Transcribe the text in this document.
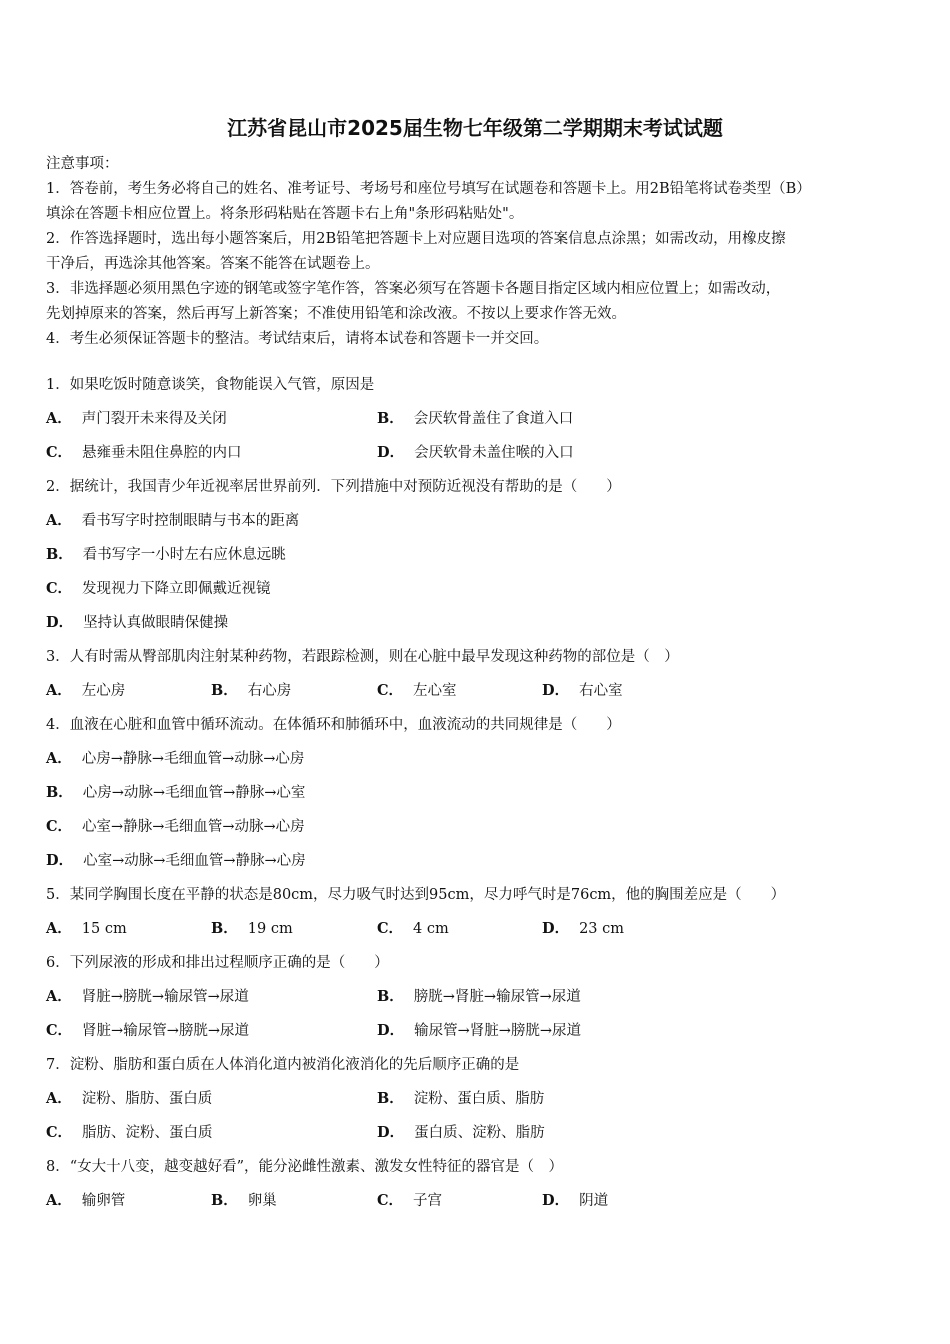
江苏省昆山市2025届生物七年级第二学期期末考试试题

注意事项：

1．答卷前，考生务必将自己的姓名、准考证号、考场号和座位号填写在试题卷和答题卡上。用2B铅笔将试卷类型（B）

填涂在答题卡相应位置上。将条形码粘贴在答题卡右上角"条形码粘贴处"。

2．作答选择题时，选出每小题答案后，用2B铅笔把答题卡上对应题目选项的答案信息点涂黑；如需改动，用橡皮擦

干净后，再选涂其他答案。答案不能答在试题卷上。

3．非选择题必须用黑色字迹的钢笔或签字笔作答，答案必须写在答题卡各题目指定区域内相应位置上；如需改动，

先划掉原来的答案，然后再写上新答案；不准使用铅笔和涂改液。不按以上要求作答无效。

4．考生必须保证答题卡的整洁。考试结束后，请将本试卷和答题卡一并交回。

1．如果吃饭时随意谈笑，食物能误入气管，原因是
A． 声门裂开未来得及关闭	B． 会厌软骨盖住了食道入口
C． 悬雍垂未阻住鼻腔的内口	D． 会厌软骨未盖住喉的入口
2．据统计，我国青少年近视率居世界前列．下列措施中对预防近视没有帮助的是（　　）
A． 看书写字时控制眼睛与书本的距离
B． 看书写字一小时左右应休息远眺
C． 发现视力下降立即佩戴近视镜
D． 坚持认真做眼睛保健操
3．人有时需从臀部肌肉注射某种药物，若跟踪检测，则在心脏中最早发现这种药物的部位是（　）
A． 左心房	B． 右心房	C． 左心室	D． 右心室
4．血液在心脏和血管中循环流动。在体循环和肺循环中，血液流动的共同规律是（　　）
A． 心房→静脉→毛细血管→动脉→心房
B． 心房→动脉→毛细血管→静脉→心室
C． 心室→静脉→毛细血管→动脉→心房
D． 心室→动脉→毛细血管→静脉→心房
5．某同学胸围长度在平静的状态是80cm，尽力吸气时达到95cm，尽力呼气时是76cm，他的胸围差应是（　　）
A． 15 cm	B． 19 cm	C． 4 cm	D． 23 cm
6．下列尿液的形成和排出过程顺序正确的是（　　）
A． 肾脏→膀胱→输尿管→尿道	B． 膀胱→肾脏→输尿管→尿道
C． 肾脏→输尿管→膀胱→尿道	D． 输尿管→肾脏→膀胱→尿道
7．淀粉、脂肪和蛋白质在人体消化道内被消化液消化的先后顺序正确的是
A． 淀粉、脂肪、蛋白质	B． 淀粉、蛋白质、脂肪
C． 脂肪、淀粉、蛋白质	D． 蛋白质、淀粉、脂肪
8．“女大十八变，越变越好看”，能分泌雌性激素、激发女性特征的器官是（　）
A． 输卵管	B． 卵巢	C． 子宫	D． 阴道
